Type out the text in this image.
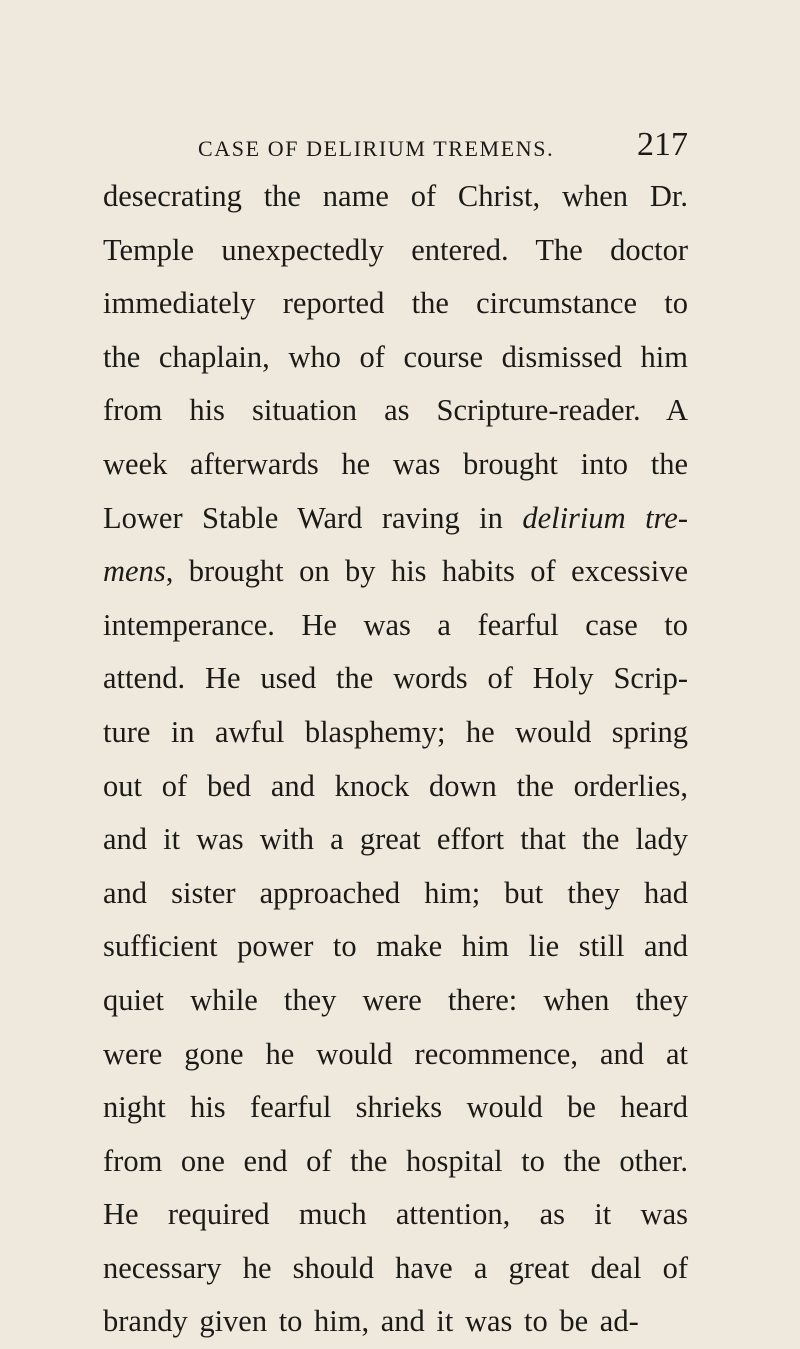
CASE OF DELIRIUM TREMENS. 217
desecrating the name of Christ, when Dr.
Temple unexpectedly entered. The doctor
immediately reported the circumstance to
the chaplain, who of course dismissed him
from his situation as Scripture-reader. A
week afterwards he was brought into the
Lower Stable Ward raving in delirium tre-
mens, brought on by his habits of excessive
intemperance. He was a fearful case to
attend. He used the words of Holy Scrip-
ture in awful blasphemy; he would spring
out of bed and knock down the orderlies,
and it was with a great effort that the lady
and sister approached him; but they had
sufficient power to make him lie still and
quiet while they were there: when they
were gone he would recommence, and at
night his fearful shrieks would be heard
from one end of the hospital to the other.
He required much attention, as it was
necessary he should have a great deal of
brandy given to him, and it was to be ad-
